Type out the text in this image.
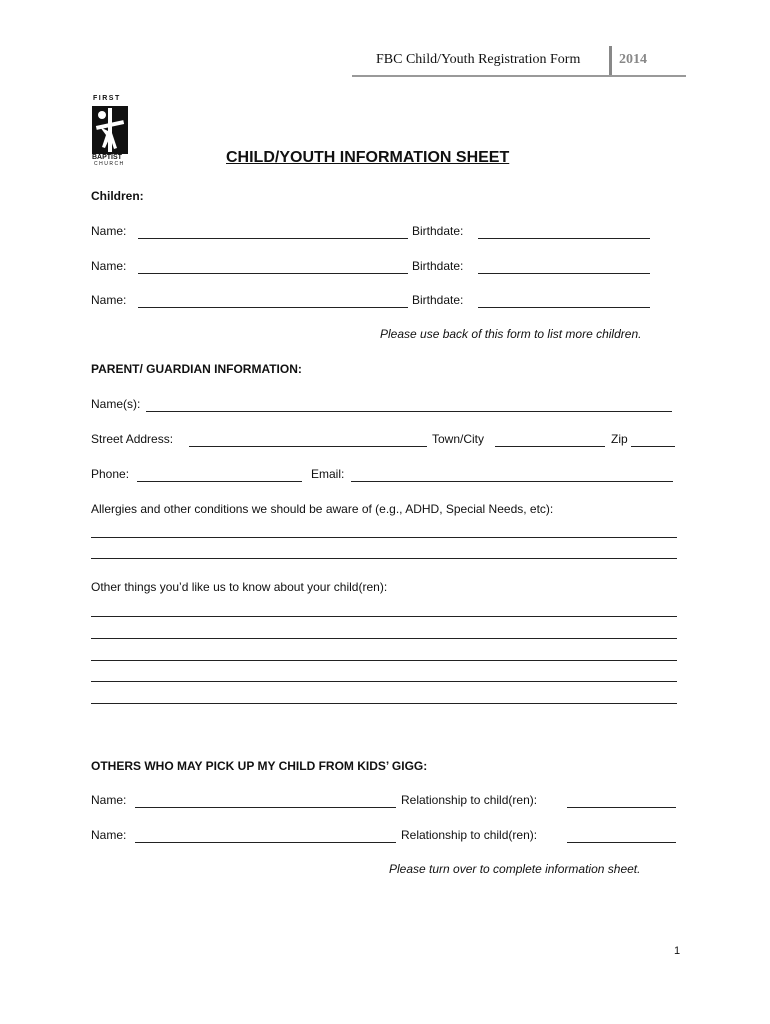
FBC Child/Youth Registration Form	2014
FIRST
BAPTIST
CHURCH	CHILD/YOUTH INFORMATION SHEET
Children:
Name:	Birthdate:
Name:	Birthdate:
Name:	Birthdate:
Please use back of this form to list more children.
PARENT/ GUARDIAN INFORMATION:
Name(s):
Street Address:	Town/City	Zip
Phone:	Email:
Allergies and other conditions we should be aware of (e.g., ADHD, Special Needs, etc):
Other things you’d like us to know about your child(ren):
OTHERS WHO MAY PICK UP MY CHILD FROM KIDS’ GIGG:
Name:	Relationship to child(ren):
Name:	Relationship to child(ren):
Please turn over to complete information sheet.
1
